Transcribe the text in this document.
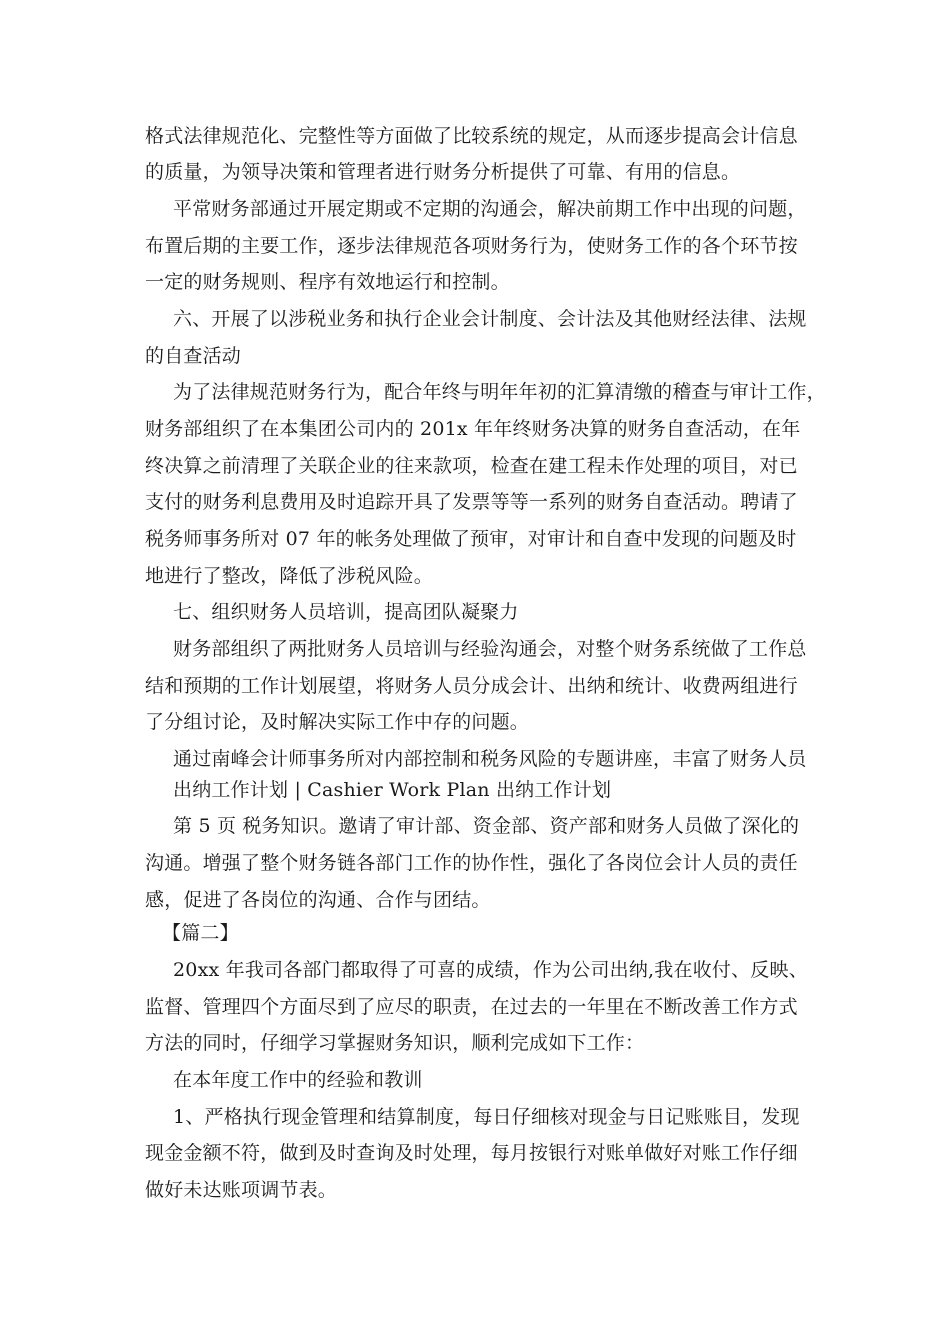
格式法律规范化、完整性等方面做了比较系统的规定，从而逐步提高会计信息
的质量，为领导决策和管理者进行财务分析提供了可靠、有用的信息。
平常财务部通过开展定期或不定期的沟通会，解决前期工作中出现的问题，
布置后期的主要工作，逐步法律规范各项财务行为，使财务工作的各个环节按
一定的财务规则、程序有效地运行和控制。
六、开展了以涉税业务和执行企业会计制度、会计法及其他财经法律、法规
的自查活动
为了法律规范财务行为，配合年终与明年年初的汇算清缴的稽查与审计工作，
财务部组织了在本集团公司内的 201x 年年终财务决算的财务自查活动，在年
终决算之前清理了关联企业的往来款项，检查在建工程未作处理的项目，对已
支付的财务利息费用及时追踪开具了发票等等一系列的财务自查活动。聘请了
税务师事务所对 07 年的帐务处理做了预审，对审计和自查中发现的问题及时
地进行了整改，降低了涉税风险。
七、组织财务人员培训，提高团队凝聚力
财务部组织了两批财务人员培训与经验沟通会，对整个财务系统做了工作总
结和预期的工作计划展望，将财务人员分成会计、出纳和统计、收费两组进行
了分组讨论，及时解决实际工作中存的问题。
通过南峰会计师事务所对内部控制和税务风险的专题讲座，丰富了财务人员
出纳工作计划 | Cashier Work Plan 出纳工作计划
第 5 页 税务知识。邀请了审计部、资金部、资产部和财务人员做了深化的
沟通。增强了整个财务链各部门工作的协作性，强化了各岗位会计人员的责任
感，促进了各岗位的沟通、合作与团结。
【篇二】
20xx 年我司各部门都取得了可喜的成绩，作为公司出纳,我在收付、反映、
监督、管理四个方面尽到了应尽的职责，在过去的一年里在不断改善工作方式
方法的同时，仔细学习掌握财务知识，顺利完成如下工作：
在本年度工作中的经验和教训
1、严格执行现金管理和结算制度，每日仔细核对现金与日记账账目，发现
现金金额不符，做到及时查询及时处理，每月按银行对账单做好对账工作仔细
做好未达账项调节表。
